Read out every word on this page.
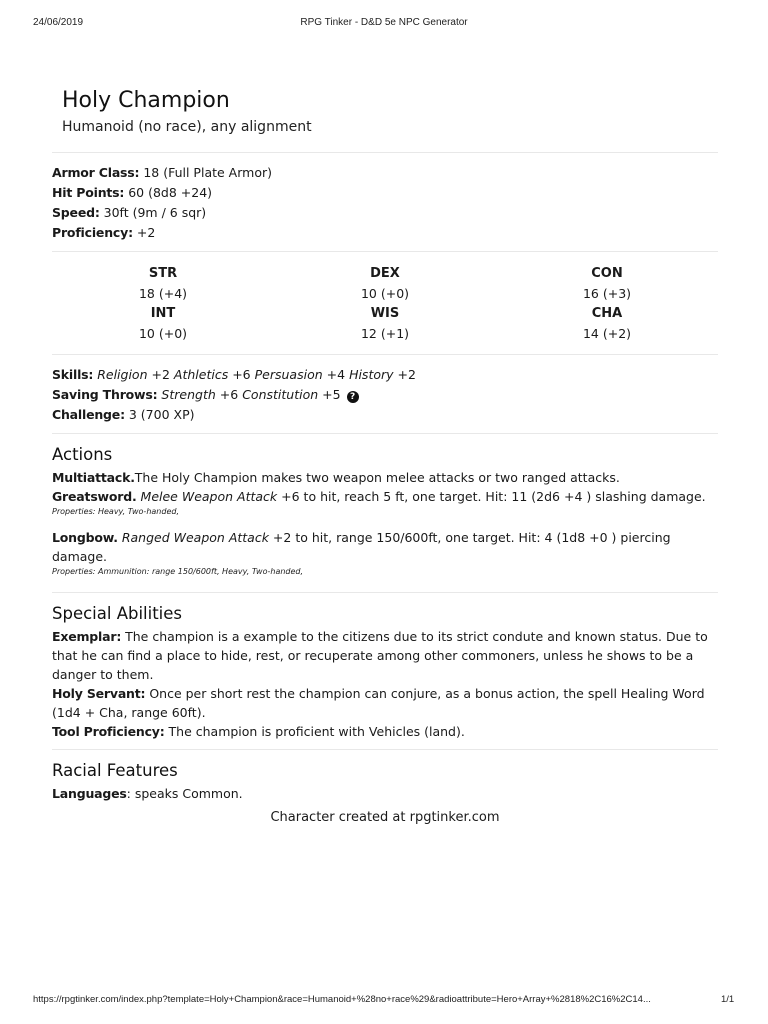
24/06/2019	RPG Tinker - D&D 5e NPC Generator
Holy Champion
Humanoid (no race), any alignment
Armor Class: 18 (Full Plate Armor)
Hit Points: 60 (8d8 +24)
Speed: 30ft (9m / 6 sqr)
Proficiency: +2
STR
18 (+4)
DEX
10 (+0)
CON
16 (+3)
INT
10 (+0)
WIS
12 (+1)
CHA
14 (+2)
Skills: Religion +2 Athletics +6 Persuasion +4 History +2
Saving Throws: Strength +6 Constitution +5 ?
Challenge: 3 (700 XP)
Actions
Multiattack.The Holy Champion makes two weapon melee attacks or two ranged attacks.
Greatsword. Melee Weapon Attack +6 to hit, reach 5 ft, one target. Hit: 11 (2d6 +4 ) slashing damage.
Properties: Heavy, Two-handed,
Longbow. Ranged Weapon Attack +2 to hit, range 150/600ft, one target. Hit: 4 (1d8 +0 ) piercing damage.
Properties: Ammunition: range 150/600ft, Heavy, Two-handed,
Special Abilities
Exemplar: The champion is a example to the citizens due to its strict condute and known status. Due to that he can find a place to hide, rest, or recuperate among other commoners, unless he shows to be a danger to them.
Holy Servant: Once per short rest the champion can conjure, as a bonus action, the spell Healing Word (1d4 + Cha, range 60ft).
Tool Proficiency: The champion is proficient with Vehicles (land).
Racial Features
Languages: speaks Common.
Character created at rpgtinker.com
https://rpgtinker.com/index.php?template=Holy+Champion&race=Humanoid+%28no+race%29&radioattribute=Hero+Array+%2818%2C16%2C14...	1/1
